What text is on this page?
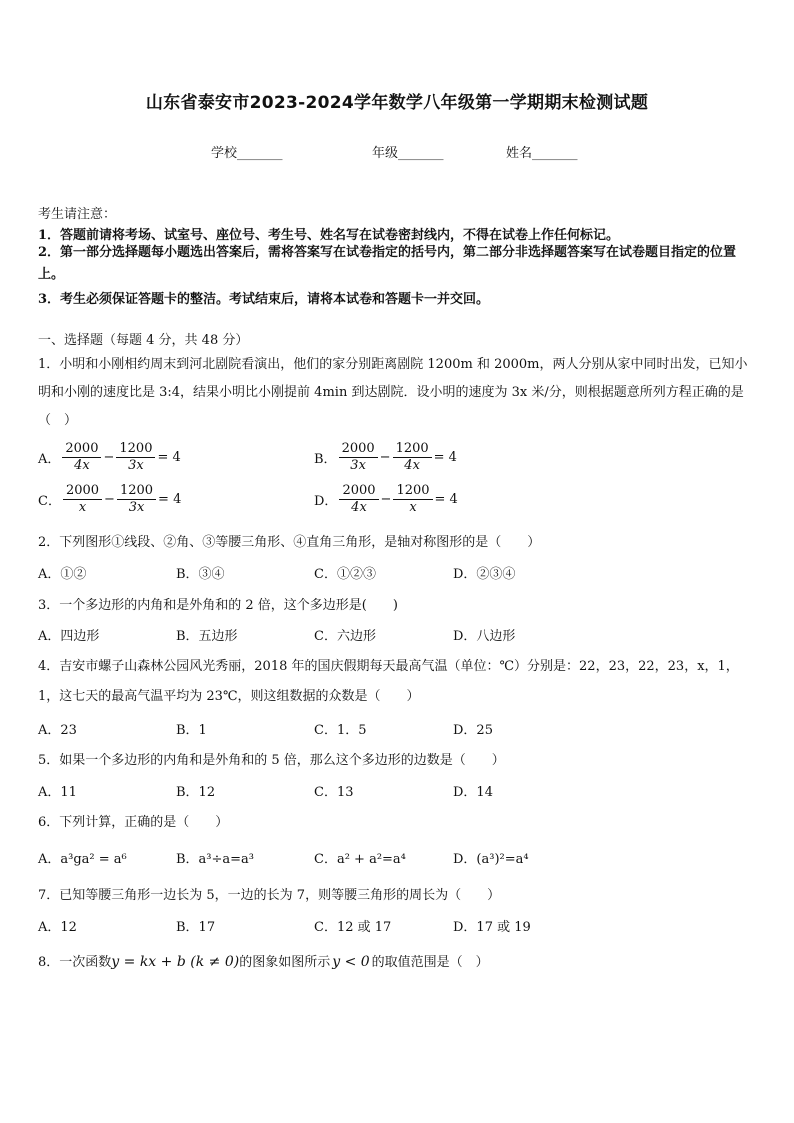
山东省泰安市2023-2024学年数学八年级第一学期期末检测试题
学校_______	年级_______	姓名_______
考生请注意：
1．答题前请将考场、试室号、座位号、考生号、姓名写在试卷密封线内，不得在试卷上作任何标记。
2．第一部分选择题每小题选出答案后，需将答案写在试卷指定的括号内，第二部分非选择题答案写在试卷题目指定的位置上。
3．考生必须保证答题卡的整洁。考试结束后，请将本试卷和答题卡一并交回。
一、选择题（每题 4 分，共 48 分）
1．小明和小刚相约周末到河北剧院看演出，他们的家分别距离剧院 1200m 和 2000m，两人分别从家中同时出发，已知小明和小刚的速度比是 3:4，结果小明比小刚提前 4min 到达剧院．设小明的速度为 3x 米/分，则根据题意所列方程正确的是（　）
A． $\frac{2000}{4x} - \frac{1200}{3x} = 4$	B． $\frac{2000}{3x} - \frac{1200}{4x} = 4$
C． $\frac{2000}{x} - \frac{1200}{3x} = 4$	D． $\frac{2000}{4x} - \frac{1200}{x} = 4$
2．下列图形①线段、②角、③等腰三角形、④直角三角形，是轴对称图形的是（　　）
A．①②	B．③④	C．①②③	D．②③④
3．一个多边形的内角和是外角和的 2 倍，这个多边形是(　　)
A．四边形	B．五边形	C．六边形	D．八边形
4．吉安市螺子山森林公园风光秀丽，2018 年的国庆假期每天最高气温（单位：℃）分别是：22，23，22，23，x，1，1，这七天的最高气温平均为 23℃，则这组数据的众数是（　　）
A．23	B．1	C．1．5	D．25
5．如果一个多边形的内角和是外角和的 5 倍，那么这个多边形的边数是（　　）
A．11	B．12	C．13	D．14
6．下列计算，正确的是（　　）
A．a³ga² = a⁶	B．a³÷a=a³	C．a² + a²=a⁴	D．(a³)²=a⁴
7．已知等腰三角形一边长为 5，一边的长为 7，则等腰三角形的周长为（　　）
A．12	B．17	C．12 或 17	D．17 或 19
8．一次函数y = kx + b (k ≠ 0)的图象如图所示 y < 0 的取值范围是（　）
